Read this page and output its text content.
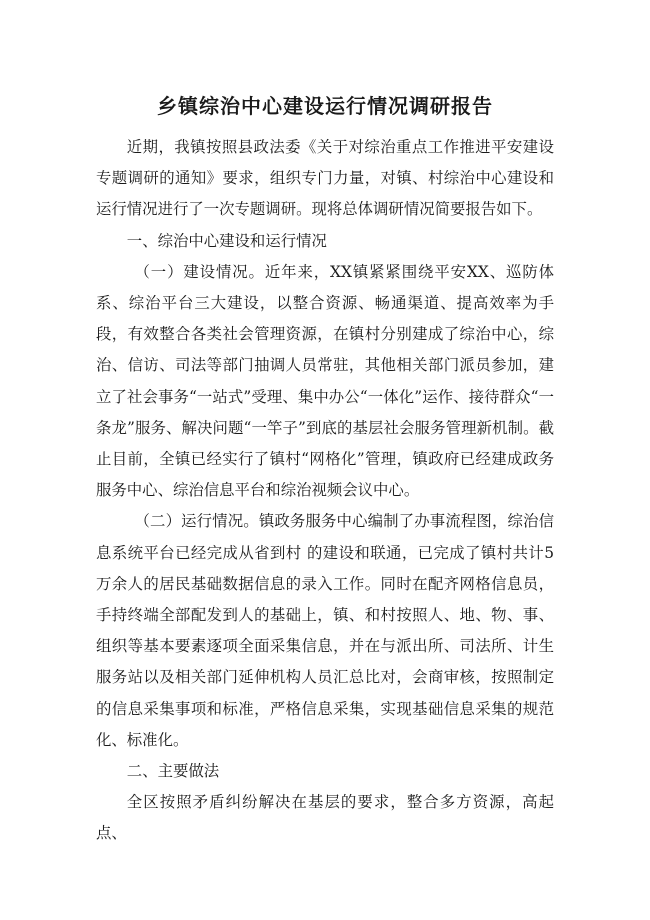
乡镇综治中心建设运行情况调研报告

近期，我镇按照县政法委《关于对综治重点工作推进平安建设专题调研的通知》要求，组织专门力量，对镇、村综治中心建设和运行情况进行了一次专题调研。现将总体调研情况简要报告如下。

一、综治中心建设和运行情况

（一）建设情况。近年来，XX镇紧紧围绕平安XX、巡防体系、综治平台三大建设，以整合资源、畅通渠道、提高效率为手段，有效整合各类社会管理资源，在镇村分别建成了综治中心，综治、信访、司法等部门抽调人员常驻，其他相关部门派员参加，建立了社会事务“一站式”受理、集中办公“一体化”运作、接待群众“一条龙”服务、解决问题“一竿子”到底的基层社会服务管理新机制。截止目前，全镇已经实行了镇村“网格化”管理，镇政府已经建成政务服务中心、综治信息平台和综治视频会议中心。

（二）运行情况。镇政务服务中心编制了办事流程图，综治信息系统平台已经完成从省到村 的建设和联通，已完成了镇村共计5万余人的居民基础数据信息的录入工作。同时在配齐网格信息员，手持终端全部配发到人的基础上，镇、和村按照人、地、物、事、组织等基本要素逐项全面采集信息，并在与派出所、司法所、计生服务站以及相关部门延伸机构人员汇总比对，会商审核，按照制定的信息采集事项和标准，严格信息采集，实现基础信息采集的规范化、标准化。

二、主要做法

全区按照矛盾纠纷解决在基层的要求，整合多方资源，高起点、
